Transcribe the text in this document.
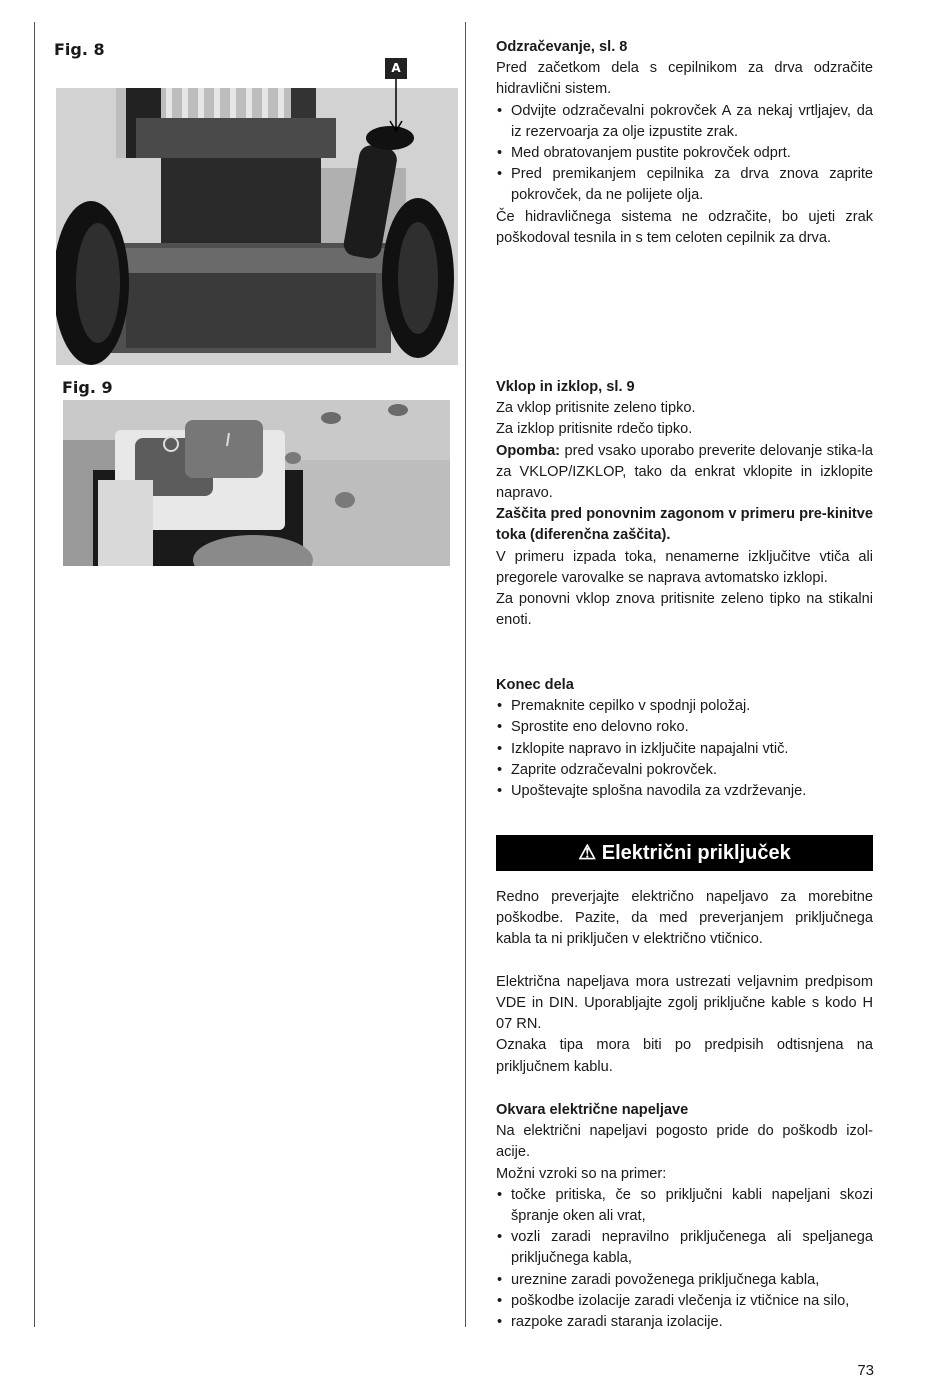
Fig. 8
A
Fig. 9

Odzračevanje, sl. 8

Pred začetkom dela s cepilnikom za drva odzračite hidravlični sistem.

• Odvijte odzračevalni pokrovček A za nekaj vrtljajev, da iz rezervoarja za olje izpustite zrak.
• Med obratovanjem pustite pokrovček odprt.
• Pred premikanjem cepilnika za drva znova zaprite pokrovček, da ne polijete olja.

Če hidravličnega sistema ne odzračite, bo ujeti zrak poškodoval tesnila in s tem celoten cepilnik za drva.

Vklop in izklop, sl. 9

Za vklop pritisnite zeleno tipko.

Za izklop pritisnite rdečo tipko.

Opomba: pred vsako uporabo preverite delovanje stika-la za VKLOP/IZKLOP, tako da enkrat vklopite in izklopite napravo.

Zaščita pred ponovnim zagonom v primeru pre-kinitve toka (diferenčna zaščita).

V primeru izpada toka, nenamerne izključitve vtiča ali pregorele varovalke se naprava avtomatsko izklopi.

Za ponovni vklop znova pritisnite zeleno tipko na stikalni enoti.

Konec dela

• Premaknite cepilko v spodnji položaj.
• Sprostite eno delovno roko.
• Izklopite napravo in izključite napajalni vtič.
• Zaprite odzračevalni pokrovček.
• Upoštevajte splošna navodila za vzdrževanje.
⚠ Električni priključek

Redno preverjajte električno napeljavo za morebitne poškodbe. Pazite, da med preverjanjem priključnega kabla ta ni priključen v električno vtičnico.

Električna napeljava mora ustrezati veljavnim predpisom VDE in DIN. Uporabljajte zgolj priključne kable s kodo H 07 RN.

Oznaka tipa mora biti po predpisih odtisnjena na priključnem kablu.

Okvara električne napeljave

Na električni napeljavi pogosto pride do poškodb izol-acije.

Možni vzroki so na primer:

• točke pritiska, če so priključni kabli napeljani skozi špranje oken ali vrat,
• vozli zaradi nepravilno priključenega ali speljanega priključnega kabla,
• ureznine zaradi povoženega priključnega kabla,
• poškodbe izolacije zaradi vlečenja iz vtičnice na silo,
• razpoke zaradi staranja izolacije.
73
